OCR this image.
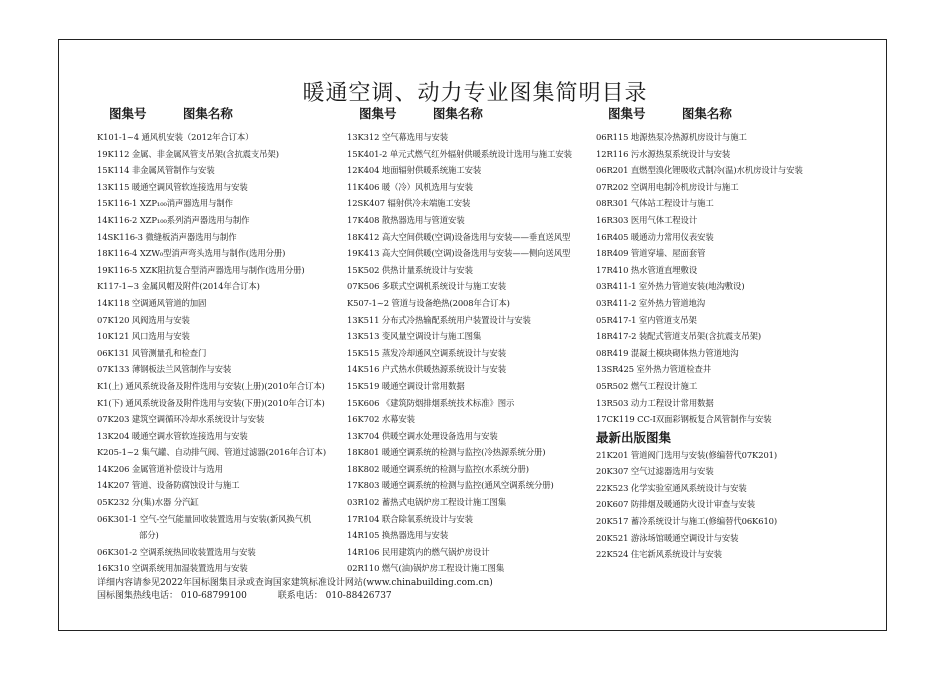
暖通空调、动力专业图集简明目录
图集号	图集名称
K101-1~4 通风机安装（2012年合订本）
19K112 金属、非金属风管支吊架(含抗震支吊架)
15K114 非金属风管制作与安装
13K115 暖通空调风管软连接选用与安装
15K116-1 XZP₁₀₀消声器选用与制作
14K116-2 XZP₁₀₀系列消声器选用与制作
14SK116-3 微缝板消声器选用与制作
18K116-4 XZW₀型消声弯头选用与制作(选用分册)
19K116-5 XZK阻抗复合型消声器选用与制作(选用分册)
K117-1~3 金属风帽及附件(2014年合订本)
14K118 空调通风管道的加固
07K120 风阀选用与安装
10K121 风口选用与安装
06K131 风管测量孔和检查门
07K133 薄钢板法兰风管制作与安装
K1(上) 通风系统设备及附件选用与安装(上册)(2010年合订本)
K1(下) 通风系统设备及附件选用与安装(下册)(2010年合订本)
07K203 建筑空调循环冷却水系统设计与安装
13K204 暖通空调水管软连接选用与安装
K205-1~2 集气罐、自动排气阀、管道过滤器(2016年合订本)
14K206 金属管道补偿设计与选用
14K207 管道、设备防腐蚀设计与施工
05K232 分(集)水器 分汽缸
06K301-1 空气-空气能量回收装置选用与安装(新风换气机
部分)
06K301-2 空调系统热回收装置选用与安装
16K310 空调系统用加湿装置选用与安装
图集号	图集名称
13K312 空气幕选用与安装
15K401-2 单元式燃气红外辐射供暖系统设计选用与施工安装
12K404 地面辐射供暖系统施工安装
11K406 暖（冷）风机选用与安装
12SK407 辐射供冷末端施工安装
17K408 散热器选用与管道安装
18K412 高大空间供暖(空调)设备选用与安装——垂直送风型
19K413 高大空间供暖(空调)设备选用与安装——侧向送风型
15K502 供热计量系统设计与安装
07K506 多联式空调机系统设计与施工安装
K507-1~2 管道与设备绝热(2008年合订本)
13K511 分布式冷热输配系统用户装置设计与安装
13K513 变风量空调设计与施工图集
15K515 蒸发冷却通风空调系统设计与安装
14K516 户式热水供暖热源系统设计与安装
15K519 暖通空调设计常用数据
15K606 《建筑防烟排烟系统技术标准》图示
16K702 水幕安装
13K704 供暖空调水处理设备选用与安装
18K801 暖通空调系统的检测与监控(冷热源系统分册)
18K802 暖通空调系统的检测与监控(水系统分册)
17K803 暖通空调系统的检测与监控(通风空调系统分册)
03R102 蓄热式电锅炉房工程设计施工图集
17R104 联合除氧系统设计与安装
14R105 换热器选用与安装
14R106 民用建筑内的燃气锅炉房设计
02R110 燃气(油)锅炉房工程设计施工图集
图集号	图集名称
06R115 地源热泵冷热源机房设计与施工
12R116 污水源热泵系统设计与安装
06R201 直燃型溴化锂吸收式制冷(温)水机房设计与安装
07R202 空调用电制冷机房设计与施工
08R301 气体站工程设计与施工
16R303 医用气体工程设计
16R405 暖通动力常用仪表安装
18R409 管道穿墙、屋面套管
17R410 热水管道直埋敷设
03R411-1 室外热力管道安装(地沟敷设)
03R411-2 室外热力管道地沟
05R417-1 室内管道支吊架
18R417-2 装配式管道支吊架(含抗震支吊架)
08R419 混凝土模块砌体热力管道地沟
13SR425 室外热力管道检查井
05R502 燃气工程设计施工
13R503 动力工程设计常用数据
17CK119 CC-I双面彩钢板复合风管制作与安装
最新出版图集
21K201 管道阀门选用与安装(修编替代07K201)
20K307 空气过滤器选用与安装
22K523 化学实验室通风系统设计与安装
20K607 防排烟及暖通防火设计审查与安装
20K517 蓄冷系统设计与施工(修编替代06K610)
20K521 游泳场馆暖通空调设计与安装
22K524 住宅新风系统设计与安装
详细内容请参见2022年国标图集目录或查询国家建筑标准设计网站(www.chinabuilding.com.cn)
国标图集热线电话： 010-68799100	联系电话： 010-88426737
